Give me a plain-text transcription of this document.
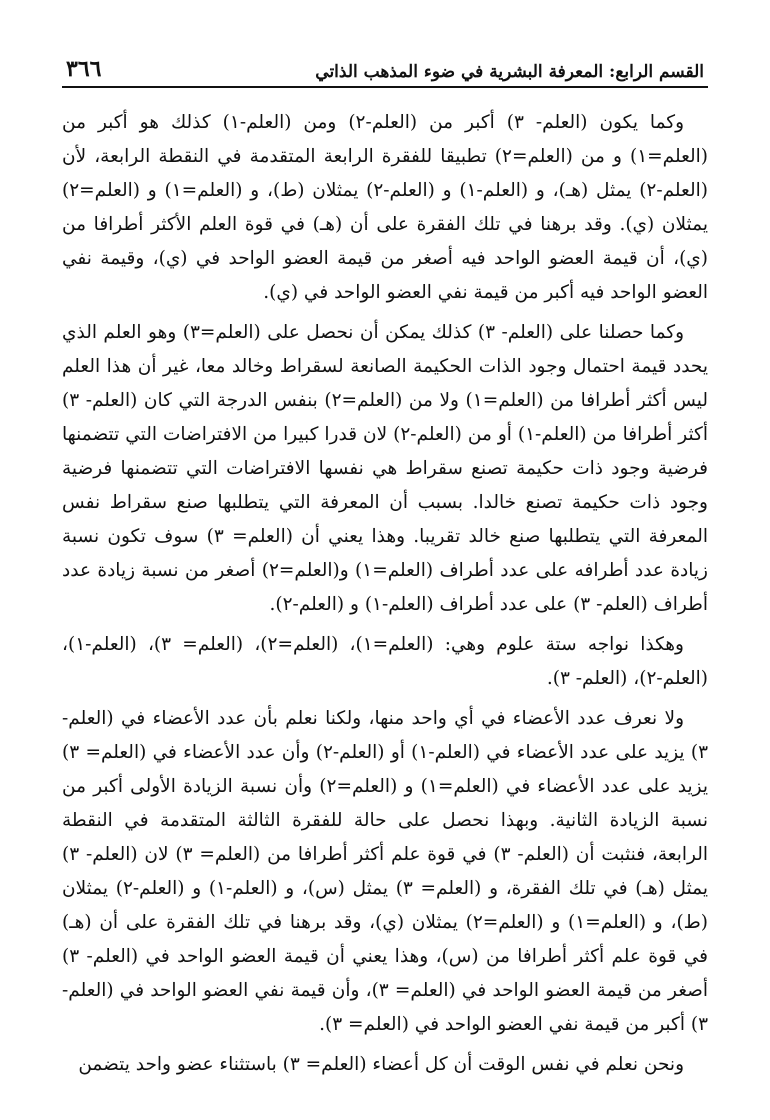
القسم الرابع: المعرفة البشرية في ضوء المذهب الذاتي
٣٦٦

وكما يكون (العلم- ٣) أكبر من (العلم-٢) ومن (العلم-١) كذلك هو أكبر من (العلم=١) و من (العلم=٢) تطبيقا للفقرة الرابعة المتقدمة في النقطة الرابعة، لأن (العلم-٢) يمثل (هـ)، و (العلم-١) و (العلم-٢) يمثلان (ط)، و (العلم=١) و (العلم=٢) يمثلان (ي). وقد برهنا في تلك الفقرة على أن (هـ) في قوة العلم الأكثر أطرافا من (ي)، أن قيمة العضو الواحد فيه أصغر من قيمة العضو الواحد في (ي)، وقيمة نفي العضو الواحد فيه أكبر من قيمة نفي العضو الواحد في (ي).

وكما حصلنا على (العلم- ٣) كذلك يمكن أن نحصل على (العلم=٣) وهو العلم الذي يحدد قيمة احتمال وجود الذات الحكيمة الصانعة لسقراط وخالد معا، غير أن هذا العلم ليس أكثر أطرافا من (العلم=١) ولا من (العلم=٢) بنفس الدرجة التي كان (العلم- ٣) أكثر أطرافا من (العلم-١) أو من (العلم-٢) لان قدرا كبيرا من الافتراضات التي تتضمنها فرضية وجود ذات حكيمة تصنع سقراط هي نفسها الافتراضات التي تتضمنها فرضية وجود ذات حكيمة تصنع خالدا. بسبب أن المعرفة التي يتطلبها صنع سقراط نفس المعرفة التي يتطلبها صنع خالد تقريبا. وهذا يعني أن (العلم= ٣) سوف تكون نسبة زيادة عدد أطرافه على عدد أطراف (العلم=١) و(العلم=٢) أصغر من نسبة زيادة عدد أطراف (العلم- ٣) على عدد أطراف (العلم-١) و (العلم-٢).

وهكذا نواجه ستة علوم وهي: (العلم=١)، (العلم=٢)، (العلم= ٣)، (العلم-١)، (العلم-٢)، (العلم- ٣).

ولا نعرف عدد الأعضاء في أي واحد منها، ولكنا نعلم بأن عدد الأعضاء في (العلم- ٣) يزيد على عدد الأعضاء في (العلم-١) أو (العلم-٢) وأن عدد الأعضاء في (العلم= ٣) يزيد على عدد الأعضاء في (العلم=١) و (العلم=٢) وأن نسبة الزيادة الأولى أكبر من نسبة الزيادة الثانية. وبهذا نحصل على حالة للفقرة الثالثة المتقدمة في النقطة الرابعة، فنثبت أن (العلم- ٣) في قوة علم أكثر أطرافا من (العلم= ٣) لان (العلم- ٣) يمثل (هـ) في تلك الفقرة، و (العلم= ٣) يمثل (س)، و (العلم-١) و (العلم-٢) يمثلان (ط)، و (العلم=١) و (العلم=٢) يمثلان (ي)، وقد برهنا في تلك الفقرة على أن (هـ) في قوة علم أكثر أطرافا من (س)، وهذا يعني أن قيمة العضو الواحد في (العلم- ٣) أصغر من قيمة العضو الواحد في (العلم= ٣)، وأن قيمة نفي العضو الواحد في (العلم- ٣) أكبر من قيمة نفي العضو الواحد في (العلم= ٣).

ونحن نعلم في نفس الوقت أن كل أعضاء (العلم= ٣) باستثناء عضو واحد يتضمن
